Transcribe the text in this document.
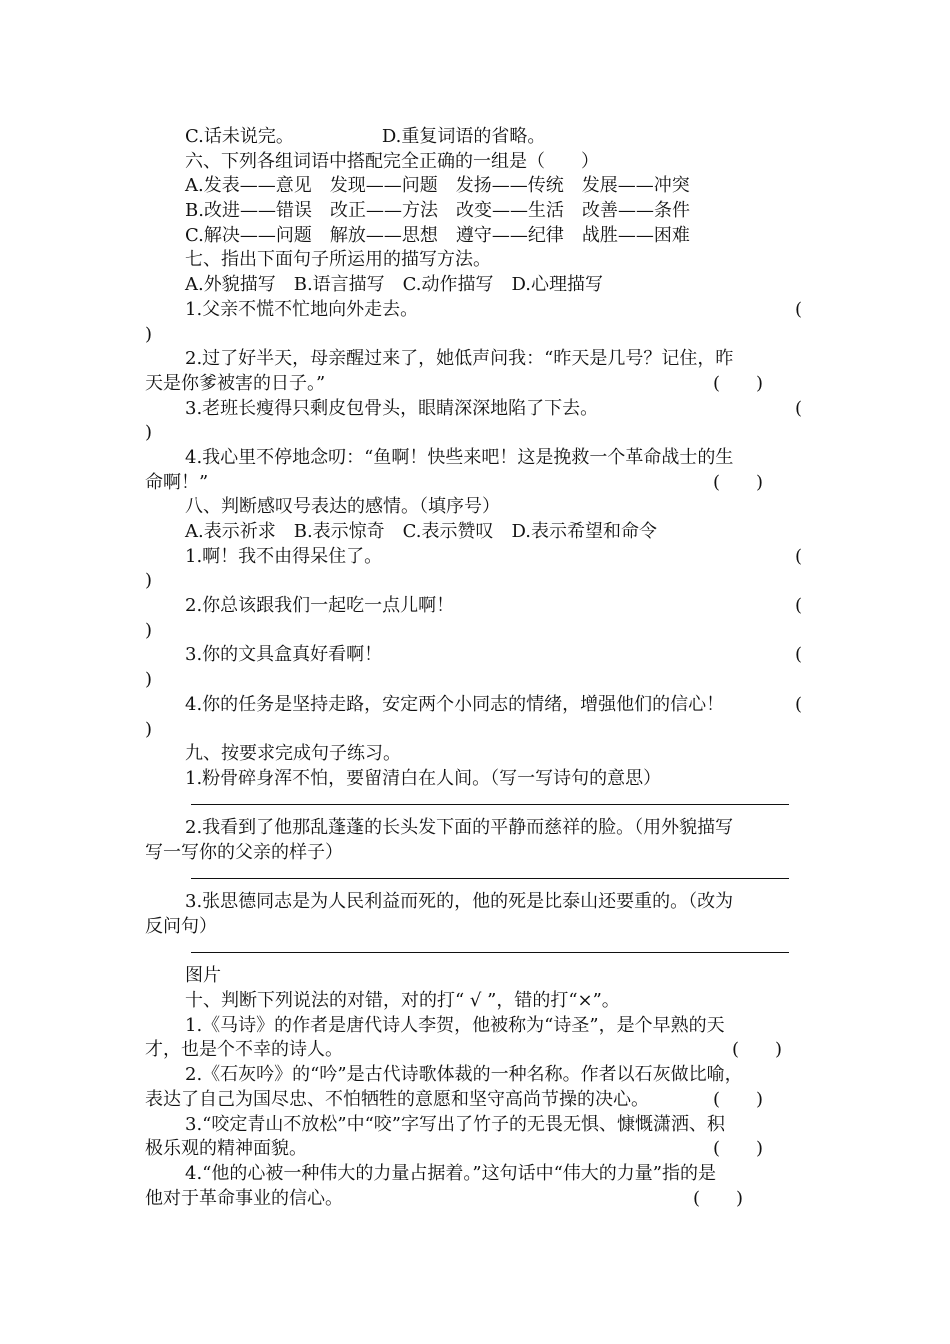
C.话未说完。	D.重复词语的省略。
六、下列各组词语中搭配完全正确的一组是（　　）
A.发表——意见　发现——问题　发扬——传统　发展——冲突
B.改进——错误　改正——方法　改变——生活　改善——条件
C.解决——问题　解放——思想　遵守——纪律　战胜——困难
七、指出下面句子所运用的描写方法。
A.外貌描写　B.语言描写　C.动作描写　D.心理描写
1.父亲不慌不忙地向外走去。	(
)
2.过了好半天，母亲醒过来了，她低声问我：“昨天是几号？记住，昨
天是你爹被害的日子。”	(　　)
3.老班长瘦得只剩皮包骨头，眼睛深深地陷了下去。	(
)
4.我心里不停地念叨：“鱼啊！快些来吧！这是挽救一个革命战士的生
命啊！”	(　　)
八、判断感叹号表达的感情。（填序号）
A.表示祈求　B.表示惊奇　C.表示赞叹　D.表示希望和命令
1.啊！我不由得呆住了。	(
)
2.你总该跟我们一起吃一点儿啊！	(
)
3.你的文具盒真好看啊！	(
)
4.你的任务是坚持走路，安定两个小同志的情绪，增强他们的信心！	(
)
九、按要求完成句子练习。
1.粉骨碎身浑不怕，要留清白在人间。（写一写诗句的意思）
2.我看到了他那乱蓬蓬的长头发下面的平静而慈祥的脸。（用外貌描写
写一写你的父亲的样子）
3.张思德同志是为人民利益而死的，他的死是比泰山还要重的。（改为
反问句）
图片
十、判断下列说法的对错，对的打“ √ ”，错的打“×”。
1.《马诗》的作者是唐代诗人李贺，他被称为“诗圣”，是个早熟的天
才，也是个不幸的诗人。	(　　)
2.《石灰吟》的“吟”是古代诗歌体裁的一种名称。作者以石灰做比喻，
表达了自己为国尽忠、不怕牺牲的意愿和坚守高尚节操的决心。	(　　)
3.“咬定青山不放松”中“咬”字写出了竹子的无畏无惧、慷慨潇洒、积
极乐观的精神面貌。	(　　)
4.“他的心被一种伟大的力量占据着。”这句话中“伟大的力量”指的是
他对于革命事业的信心。	(　　)
